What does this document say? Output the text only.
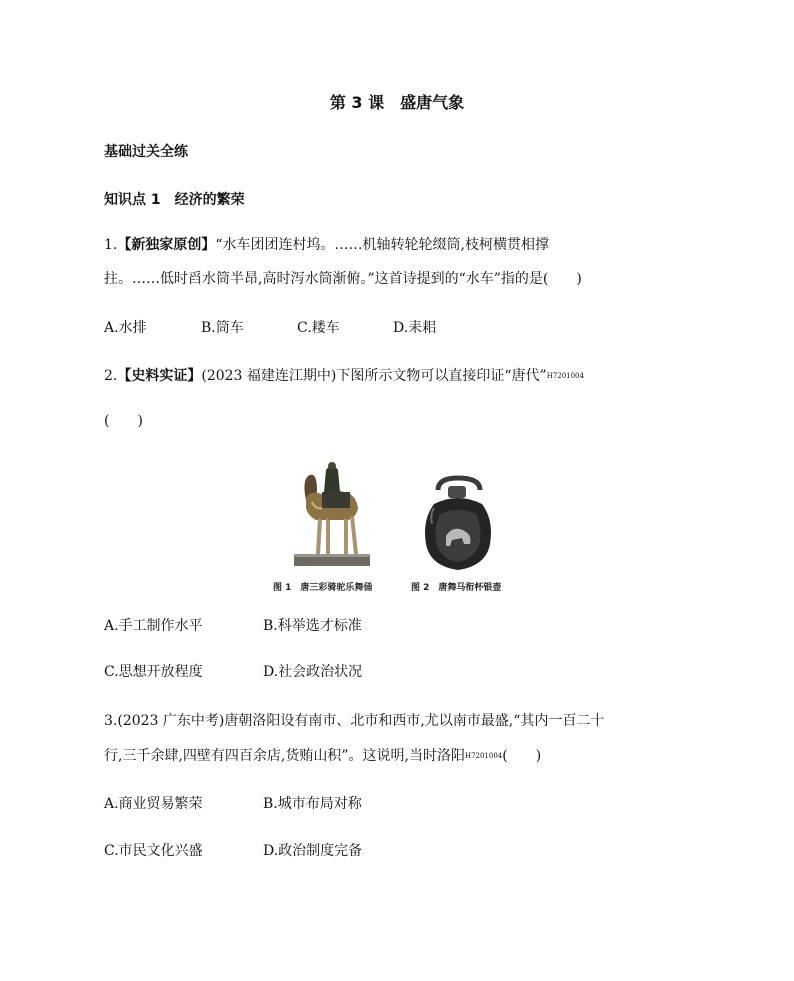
第 3 课　盛唐气象
基础过关全练
知识点 1　经济的繁荣
1.【新独家原创】“水车团团连村坞。……机轴转轮轮缀筒,枝柯横贯相撑
拄。……低时舀水筒半昂,高时泻水筒渐俯。”这首诗提到的“水车”指的是(　　)
A.水排	B.筒车	C.耧车	D.耒耜
2.【史料实证】(2023 福建连江期中)下图所示文物可以直接印证“唐代”H7201004
(　　)
图 1　唐三彩骑驼乐舞俑	图 2　唐舞马衔杯银壶
A.手工制作水平	B.科举选才标准
C.思想开放程度	D.社会政治状况
3.(2023 广东中考)唐朝洛阳设有南市、北市和西市,尤以南市最盛,“其内一百二十
行,三千余肆,四壁有四百余店,货贿山积”。这说明,当时洛阳H7201004(　　)
A.商业贸易繁荣	B.城市布局对称
C.市民文化兴盛	D.政治制度完备
